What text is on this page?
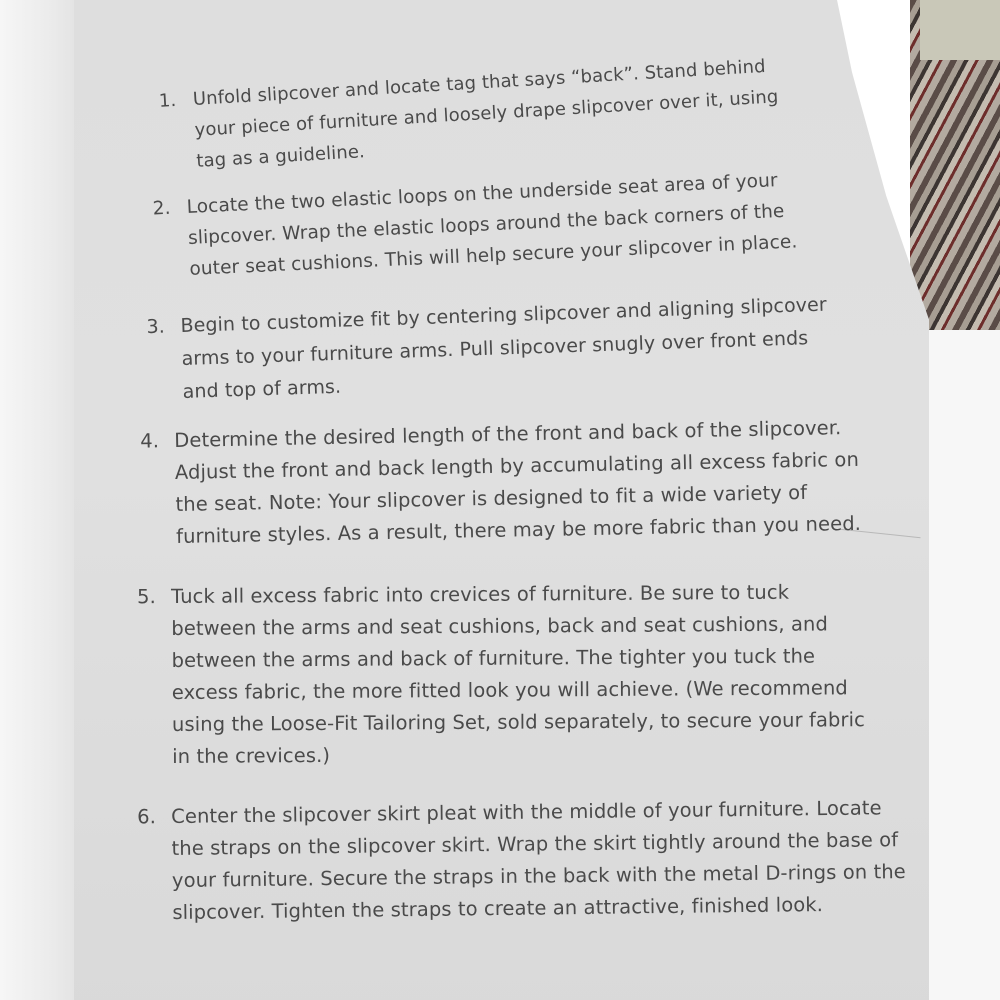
1. Unfold slipcover and locate tag that says “back”. Stand behind your piece of furniture and loosely drape slipcover over it, using tag as a guideline.
2. Locate the two elastic loops on the underside seat area of your slipcover. Wrap the elastic loops around the back corners of the outer seat cushions. This will help secure your slipcover in place.
3. Begin to customize fit by centering slipcover and aligning slipcover arms to your furniture arms. Pull slipcover snugly over front ends and top of arms.
4. Determine the desired length of the front and back of the slipcover. Adjust the front and back length by accumulating all excess fabric on the seat. Note: Your slipcover is designed to fit a wide variety of furniture styles. As a result, there may be more fabric than you need.
5. Tuck all excess fabric into crevices of furniture. Be sure to tuck between the arms and seat cushions, back and seat cushions, and between the arms and back of furniture. The tighter you tuck the excess fabric, the more fitted look you will achieve. (We recommend using the Loose-Fit Tailoring Set, sold separately, to secure your fabric in the crevices.)
6. Center the slipcover skirt pleat with the middle of your furniture. Locate the straps on the slipcover skirt. Wrap the skirt tightly around the base of your furniture. Secure the straps in the back with the metal D-rings on the slipcover. Tighten the straps to create an attractive, finished look.
